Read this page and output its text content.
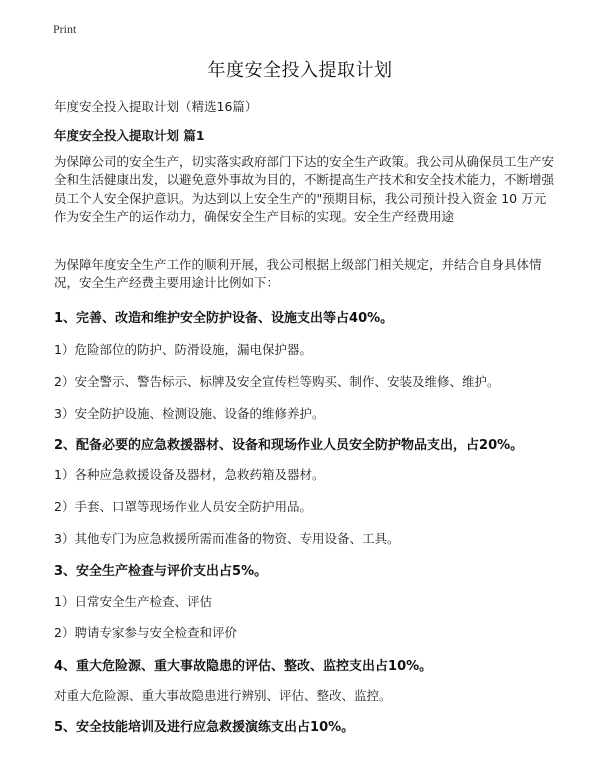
Print
年度安全投入提取计划
年度安全投入提取计划（精选16篇）
年度安全投入提取计划 篇1
为保障公司的安全生产，切实落实政府部门下达的安全生产政策。我公司从确保员工生产安全和生活健康出发，以避免意外事故为目的，不断提高生产技术和安全技术能力，不断增强员工个人安全保护意识。为达到以上安全生产的"预期目标，我公司预计投入资金 10 万元作为安全生产的运作动力，确保安全生产目标的实现。安全生产经费用途
为保障年度安全生产工作的顺利开展，我公司根据上级部门相关规定，并结合自身具体情况，安全生产经费主要用途计比例如下：
1、完善、改造和维护安全防护设备、设施支出等占40%。
1）危险部位的防护、防滑设施，漏电保护器。
2）安全警示、警告标示、标牌及安全宣传栏等购买、制作、安装及维修、维护。
3）安全防护设施、检测设施、设备的维修养护。
2、配备必要的应急救援器材、设备和现场作业人员安全防护物品支出，占20%。
1）各种应急救援设备及器材，急救药箱及器材。
2）手套、口罩等现场作业人员安全防护用品。
3）其他专门为应急救援所需而准备的物资、专用设备、工具。
3、安全生产检查与评价支出占5%。
1）日常安全生产检查、评估
2）聘请专家参与安全检查和评价
4、重大危险源、重大事故隐患的评估、整改、监控支出占10%。
对重大危险源、重大事故隐患进行辨别、评估、整改、监控。
5、安全技能培训及进行应急救援演练支出占10%。
